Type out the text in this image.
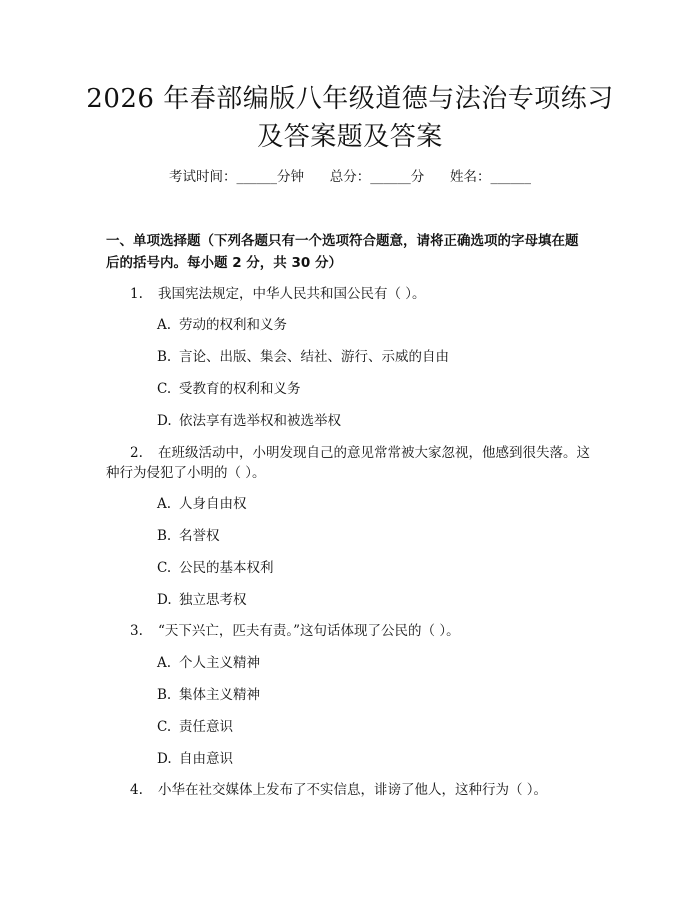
2026 年春部编版八年级道德与法治专项练习
及答案题及答案
考试时间：______分钟      总分：______分      姓名：______
一、单项选择题（下列各题只有一个选项符合题意，请将正确选项的字母填在题
后的括号内。每小题 2 分，共 30 分）
1. 我国宪法规定，中华人民共和国公民有（ ）。
A. 劳动的权利和义务
B. 言论、出版、集会、结社、游行、示威的自由
C. 受教育的权利和义务
D. 依法享有选举权和被选举权
2. 在班级活动中，小明发现自己的意见常常被大家忽视，他感到很失落。这
种行为侵犯了小明的（ ）。
A. 人身自由权
B. 名誉权
C. 公民的基本权利
D. 独立思考权
3. “天下兴亡，匹夫有责。”这句话体现了公民的（ ）。
A. 个人主义精神
B. 集体主义精神
C. 责任意识
D. 自由意识
4. 小华在社交媒体上发布了不实信息，诽谤了他人，这种行为（ ）。
